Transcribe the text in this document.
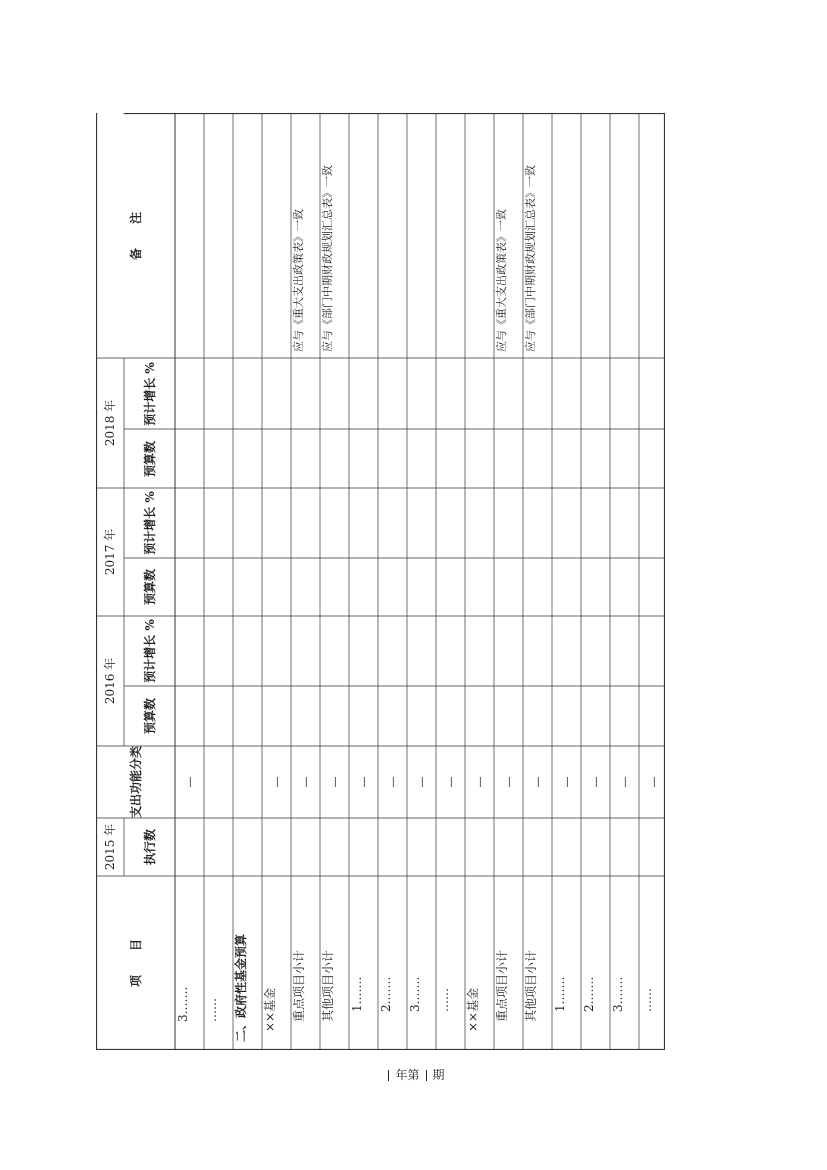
备　　注
2018 年 预计增长 %
预算数
2017 年 预计增长 %
预算数
2016 年 预计增长 %
预算数
支出功能分类
2015 年 执行数
项　　目
3.……
—
…… 二、政府性基金预算 ××基金
—
重点项目小计
—
应与《重大支出政策表》一致
其他项目小计
—
应与《部门中期财政规划汇总表》一致
1.……
—
2.……
—
3.……
—
……
—
××基金
—
重点项目小计
—
应与《重大支出政策表》一致
其他项目小计
—
应与《部门中期财政规划汇总表》一致
1.……
—
2.……
—
3.……
—
……
—
年第 期
